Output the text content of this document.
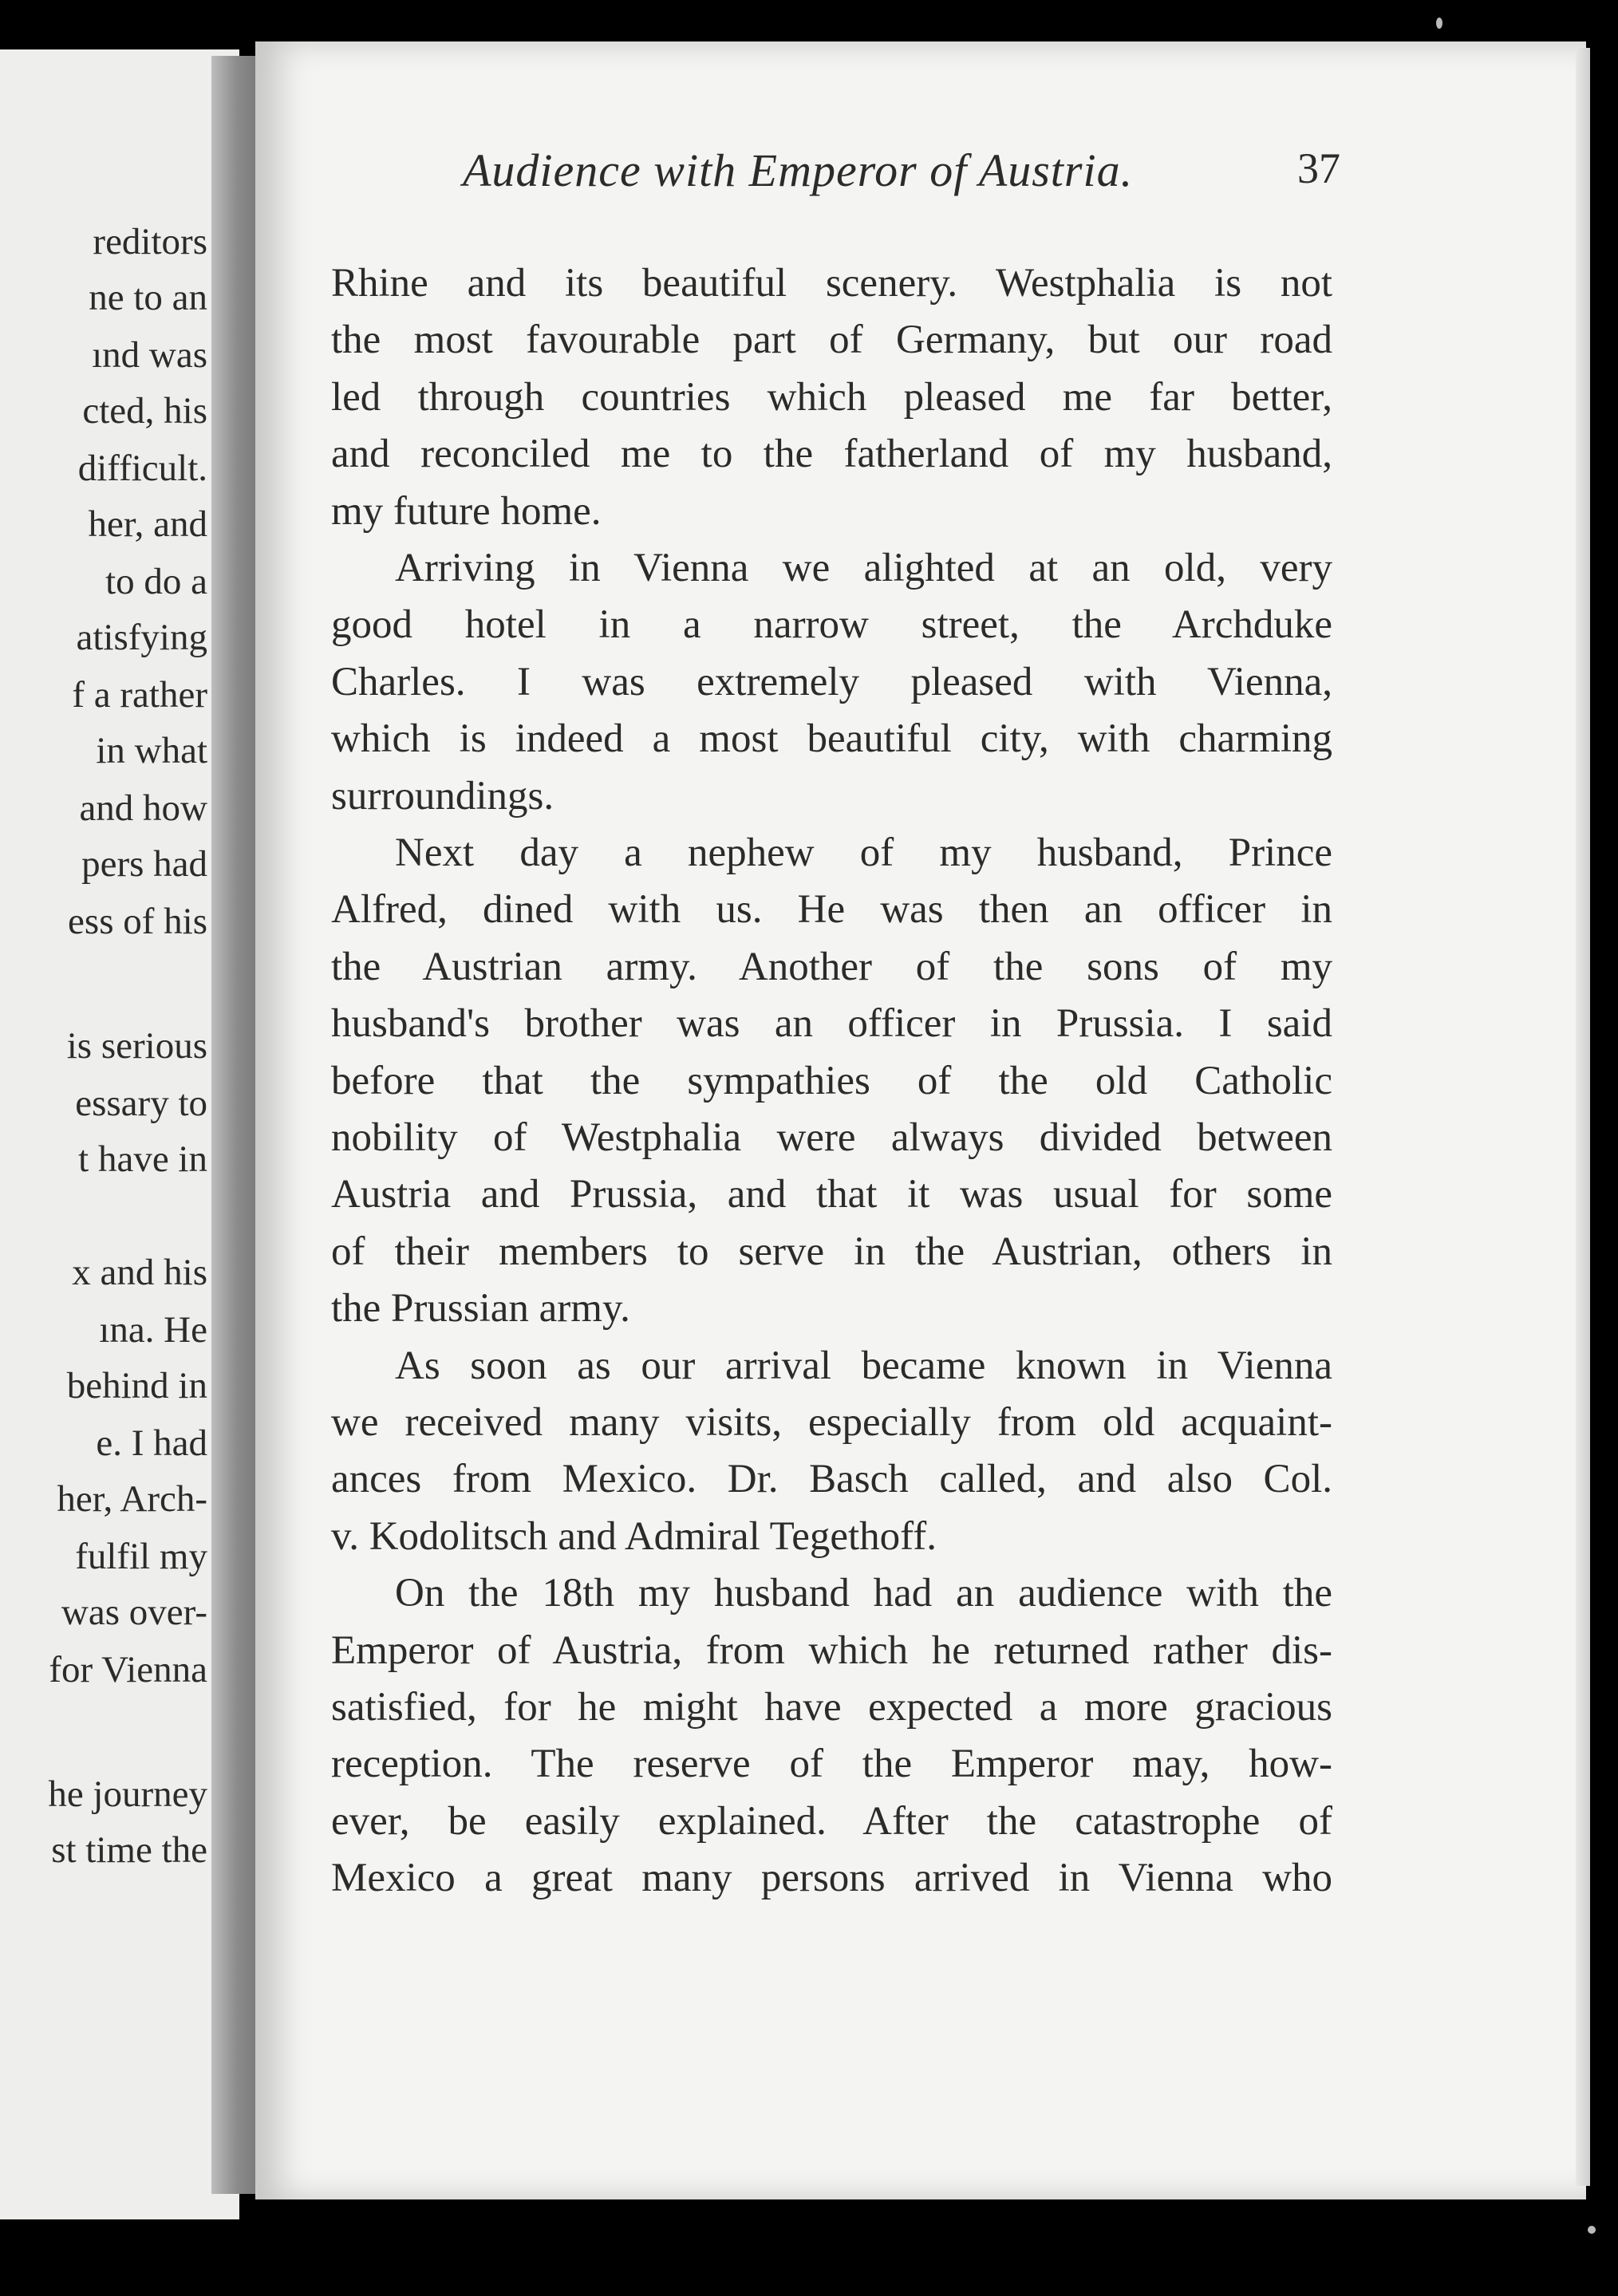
reditors
ne to an
ınd was
cted, his
difficult.
her, and
to do a
atisfying
f a rather
in what
and how
pers had
ess of his
is serious
essary to
t have in
x and his
ına. He
behind in
e. I had
her, Arch-
fulfil my
was over-
for Vienna
he journey
st time the
Audience with Emperor of Austria.	37
Rhine and its beautiful scenery. Westphalia is not
the most favourable part of Germany, but our road
led through countries which pleased me far better,
and reconciled me to the fatherland of my husband,
my future home.
Arriving in Vienna we alighted at an old, very
good hotel in a narrow street, the Archduke
Charles. I was extremely pleased with Vienna,
which is indeed a most beautiful city, with charming
surroundings.
Next day a nephew of my husband, Prince
Alfred, dined with us. He was then an officer in
the Austrian army. Another of the sons of my
husband's brother was an officer in Prussia. I said
before that the sympathies of the old Catholic
nobility of Westphalia were always divided between
Austria and Prussia, and that it was usual for some
of their members to serve in the Austrian, others in
the Prussian army.
As soon as our arrival became known in Vienna
we received many visits, especially from old acquaint-
ances from Mexico. Dr. Basch called, and also Col.
v. Kodolitsch and Admiral Tegethoff.
On the 18th my husband had an audience with the
Emperor of Austria, from which he returned rather dis-
satisfied, for he might have expected a more gracious
reception. The reserve of the Emperor may, how-
ever, be easily explained. After the catastrophe of
Mexico a great many persons arrived in Vienna who
